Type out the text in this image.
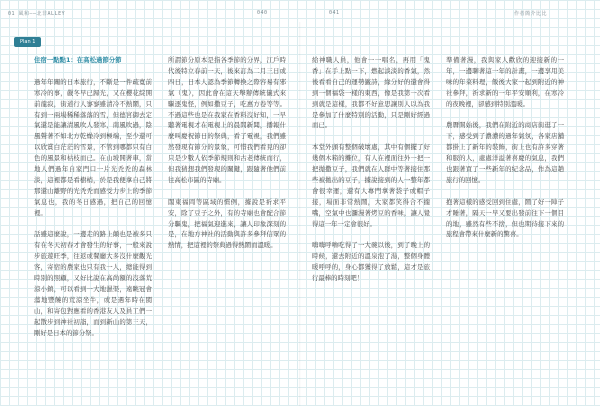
01 風和——北非ALLEY	040	041	作者簡介比比
Plan 1

住宿一點點1：在高松過節分節

過年年關的日本旅行，不斷是一件疏寬前寒冷的事，嚴冬早已歸光，又在櫻花綻開前龍寂，街道行人寥寥雖清冷不熱鬧，只有到一兩場稀稀落落的雪，但德宮御去定氣還是能讓清風吹人發寒，南風吹過，陰風聲著不如北方乾燥冷到極端，至少還可以欣賞白茫茫的雪景，不管到哪都只有白色的風景和枯枝而已。在山坡開著車，當地人們過年自家門口一片光秃秃的森林淡，這裡都是看樹梢，於是我便拿自己將那還山離野的光秃秃而感受力步上的季節氣息也，我的冬日感過，把自己的回憶裡。

話雖這麼說，一邊走的路上顛也是被多只有在冬天初春才會發生的好事，一般來說步旅遊旺季，往返或餐廳大多沒什麼觀光客，寄宿的農家也只有我一人，總能得到時別的照顧，又好比說在高尚額的沒落荒涼小鎮，可以看到一大地濕渠，遠眺冠會蕩地豐饒的荒涼坐牛，或是遇年時在閩山，和寄包對應看的香港友人及員工們一起散步到神社初詣，而到新山的第三天，剛好是日本的節分祭。

所謂節分原本是指各季節的分界，江戶時代後特立春前一天，後來訂為二月三日或四日，日本人認為季節轉換之際容易有邪氣（鬼），因此會在這天舉辦傳統儀式來驅逐鬼怪，例如撒豆子，吃惠方卷等等。不過這些也是在我家在香料沒好知，一早聽著電視才在電視上的晨間新聞，播報什麼叫慶祝節日的祭典，看了電視，我們雖然發現有節分的景象，可惜我們看見的卻只是少數人依季節規則和古老傳統而行，但我猜想我們發現的關鍵，跟隨著他們前往高松市區的寺廟。

闊東福岡等區域的慣例，據說是祈求平安，除了豆子之外，有的寺廟也會配合節分驅鬼，把福氣迎進來，讓人印象深刻的是，在地方神社的活動與許多參拜信眾的熱情，把這裡的祭典過得熱鬧而溫暖。

給神職人員，他會一一唱名，再用「鬼香」在手上點一下，燃起淡淡的香氣，然後看看自己的運勢籤詩，緣分好的還會得到一個福袋一樣的東西，像是我第一次看到就是這樣，我都不好意思讓別人以為我是參加了什麼特別的活動，只是剛好經過而已。

本堂外頭有整個破壞處，其中有個擺了好幾個木箱的攤位，有人在裡面往外一把一把拋撒豆子，我們就在人群中等著接住那些被拋出的豆子，據說接到的人一整年都會很幸運，還有人專門拿著袋子或帽子接，場面非常熱鬧，大家都笑得合不攏嘴，空氣中也瀰漫著烤豆的香味，讓人覺得這一年一定會很好。

嗨嗨呼嚕吃得了一大碗以後，到了晚上的時候，還去附近的溫泉泡了湯，整個身體暖呼呼的，身心都獲得了放鬆，這才是旅行最棒的時刻吧！

準備著漫，我與家人歡欣的迎接新的一年，一邊聊著這一年的計畫，一邊享用美味的年菜料理，飯後大家一起到附近的神社參拜，祈求新的一年平安順利，在寒冷的夜晚裡，卻感到特別溫暖。

農曆開始後，我們在附近的商店街逛了一下，感受到了濃濃的過年氣氛，各家店舖都掛上了新年的裝飾，街上也有許多穿著和服的人，處處洋溢著喜慶的氣息，我們也跟著買了一些新年的紀念品，作為這趟旅行的回憶。

抱著這樣的感受回到住處，鬧了好一陣子才睡著，隔天一早又要出發前往下一個目的地，雖然有些不捨，但也期待接下來的旅程會帶來什麼新的驚喜。
